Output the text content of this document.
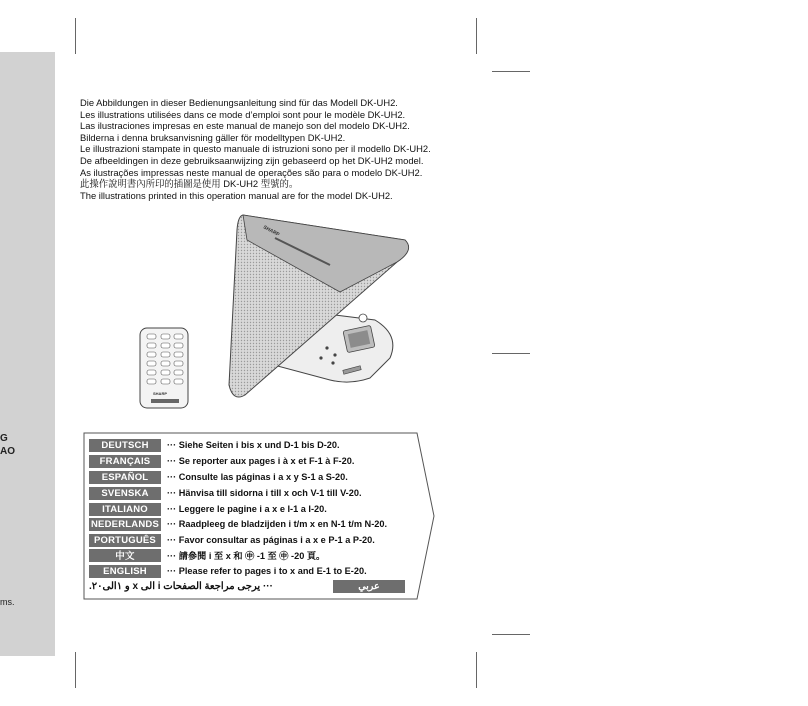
G
AO
ms.
Die Abbildungen in dieser Bedienungsanleitung sind für das Modell DK-UH2.
Les illustrations utilisées dans ce mode d’emploi sont pour le modèle DK-UH2.
Las ilustraciones impresas en este manual de manejo son del modelo DK-UH2.
Bilderna i denna bruksanvisning gäller för modelltypen DK-UH2.
Le illustrazioni stampate in questo manuale di istruzioni sono per il modello DK-UH2.
De afbeeldingen in deze gebruiksaanwijzing zijn gebaseerd op het DK-UH2 model.
As ilustrações impressas neste manual de operações são para o modelo DK-UH2.
此操作說明書內所印的插圖是使用 DK-UH2 型號的。
The illustrations printed in this operation manual are for the model DK-UH2.
SHARP
SHARP
DEUTSCH	··· Siehe Seiten i bis x und D-1 bis D-20.
FRANÇAIS	··· Se reporter aux pages i à x et F-1 à F-20.
ESPAÑOL	··· Consulte las páginas i a x y S-1 a S-20.
SVENSKA	··· Hänvisa till sidorna i till x och V-1 till V-20.
ITALIANO	··· Leggere le pagine i a x e I-1 a I-20.
NEDERLANDS ··· Raadpleeg de bladzijden i t/m x en N-1 t/m N-20.
PORTUGUÊS	··· Favor consultar as páginas i a x e P-1 a P-20.
中文	··· 請參閱 i 至 x 和 ㊥ -1 至 ㊥ -20 頁。
ENGLISH	··· Please refer to pages i to x and E-1 to E-20.
··· يرجى مراجعة الصفحات i الى x و ١الى٢٠.	عربي
